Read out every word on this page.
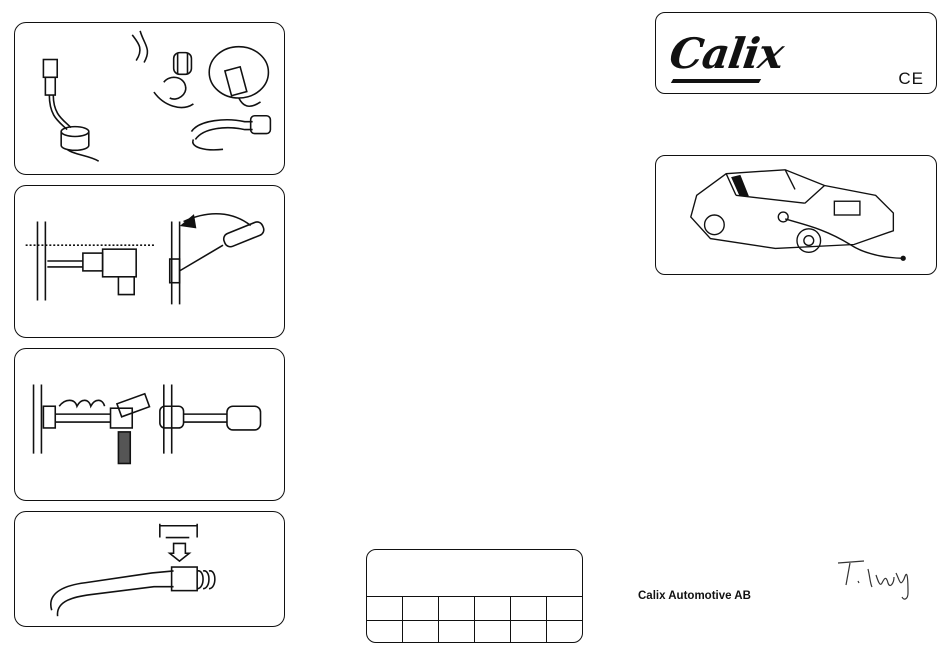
Calix
CE
Calix Automotive AB
